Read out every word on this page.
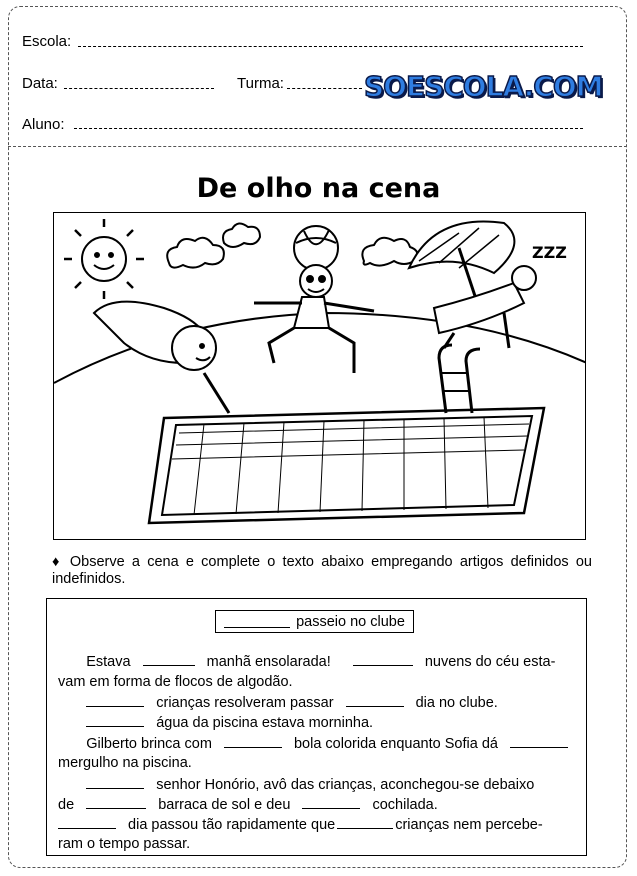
Escola:
Data:	Turma:	SOESCOLA.COM
Aluno:
De olho na cena
ZZZ
♦ Observe a cena e complete o texto abaixo empregando artigos definidos ou indefinidos.
passeio no clube
Estava	manhã ensolarada!	nuvens do céu esta-
vam em forma de flocos de algodão.
crianças resolveram passar	dia no clube.
água da piscina estava morninha.
Gilberto brinca com	bola colorida enquanto Sofia dá
mergulho na piscina.
senhor Honório, avô das crianças, aconchegou-se debaixo
de	barraca de sol e deu	cochilada.
dia passou tão rapidamente que	crianças nem percebe-
ram o tempo passar.
